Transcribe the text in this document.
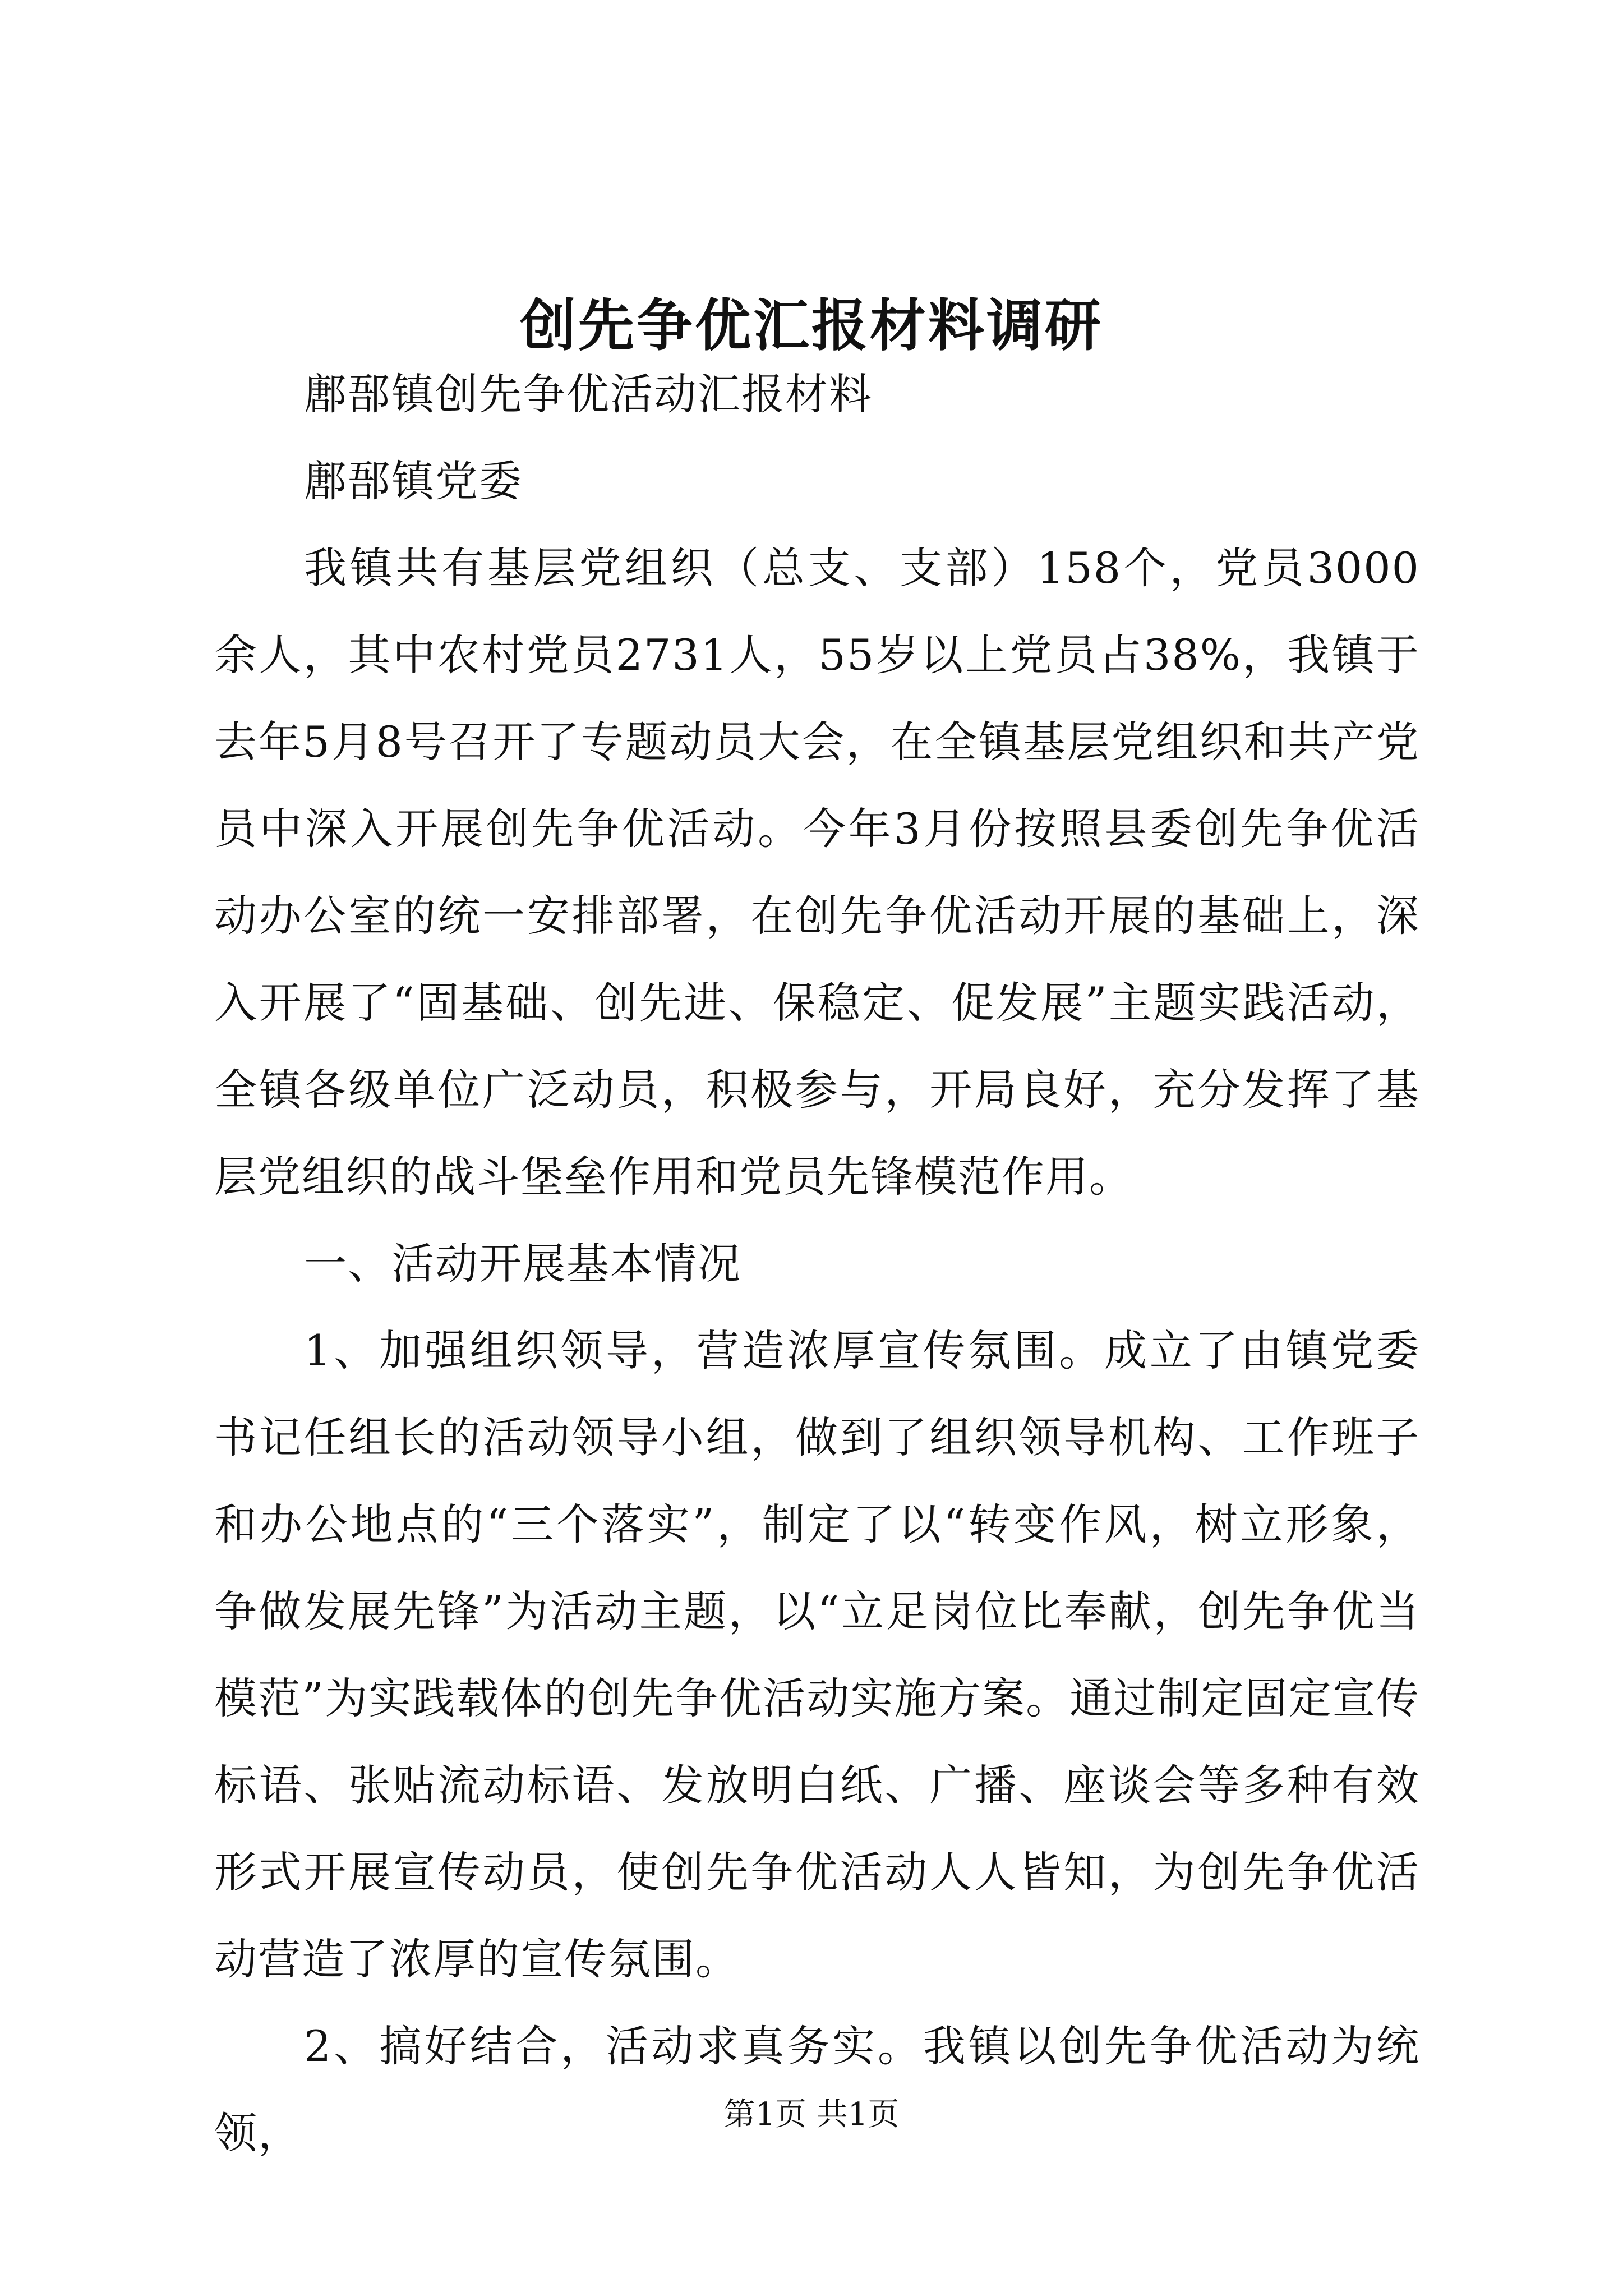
创先争优汇报材料调研

鄌郚镇创先争优活动汇报材料

鄌郚镇党委

我镇共有基层党组织（总支、支部）158个，党员3000余人，其中农村党员2731人，55岁以上党员占38%，我镇于去年5月8号召开了专题动员大会，在全镇基层党组织和共产党员中深入开展创先争优活动。今年3月份按照县委创先争优活动办公室的统一安排部署，在创先争优活动开展的基础上，深入开展了“固基础、创先进、保稳定、促发展”主题实践活动，全镇各级单位广泛动员，积极参与，开局良好，充分发挥了基层党组织的战斗堡垒作用和党员先锋模范作用。

一、活动开展基本情况

1、加强组织领导，营造浓厚宣传氛围。成立了由镇党委书记任组长的活动领导小组，做到了组织领导机构、工作班子和办公地点的“三个落实”，制定了以“转变作风，树立形象，争做发展先锋”为活动主题，以“立足岗位比奉献，创先争优当模范”为实践载体的创先争优活动实施方案。通过制定固定宣传标语、张贴流动标语、发放明白纸、广播、座谈会等多种有效形式开展宣传动员，使创先争优活动人人皆知，为创先争优活动营造了浓厚的宣传氛围。

2、搞好结合，活动求真务实。我镇以创先争优活动为统领，	第1页 共1页
